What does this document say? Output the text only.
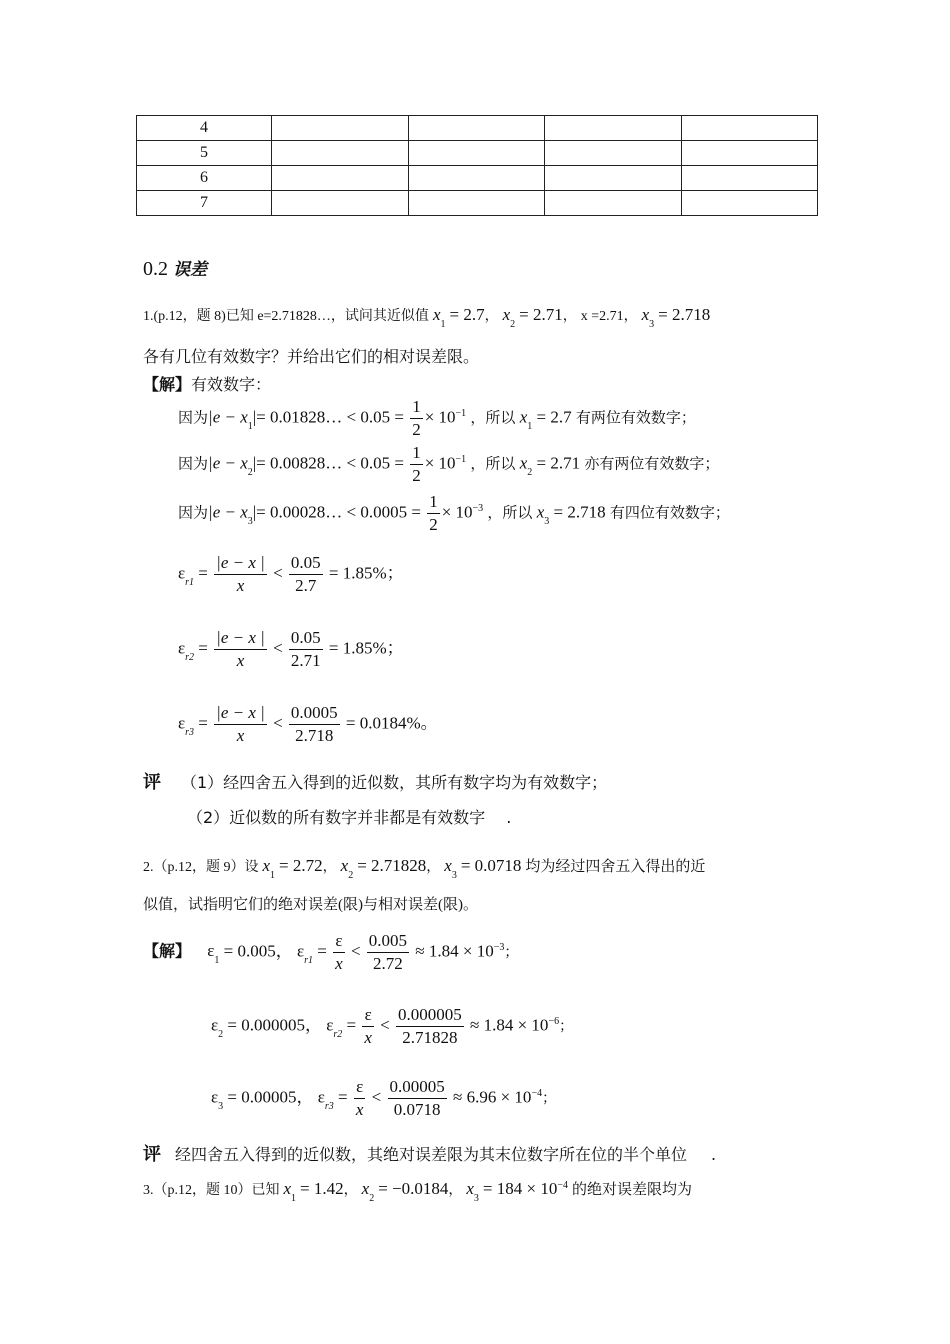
4				
5				
6				
7				
0.2 误差
1.(p.12，题 8)已知 e=2.71828…，试问其近似值 $x_1 = 2.7$， $x_2 = 2.71$， x =2.71， $x_3 = 2.718$
各有几位有效数字？并给出它们的相对误差限。
【解】有效数字：
因为$|e - x_1|=$ 0.01828… < $0.05 = \frac{1}{2} \times 10^{-1}$ ，所以 $x_1 = 2.7$ 有两位有效数字；
因为$|e - x_2|=$ 0.00828… < $0.05 = \frac{1}{2} \times 10^{-1}$ ，所以 $x_2 = 2.71$ 亦有两位有效数字；
因为$|e - x_3|=$ 0.00028… < $0.0005 = \frac{1}{2} \times 10^{-3}$ ，所以 $x_3 = 2.718$ 有四位有效数字；
$\varepsilon_{r1} = \frac{|e - x |}{x} < \frac{0.05}{2.7} = 1.85\%$；
$\varepsilon_{r2} = \frac{|e - x |}{x} < \frac{0.05}{2.71} = 1.85\%$；
$\varepsilon_{r3} = \frac{|e - x |}{x} < \frac{0.0005}{2.718} = 0.0184\%$。
评 （1）经四舍五入得到的近似数，其所有数字均为有效数字；
（2）近似数的所有数字并非都是有效数字 .
2.（p.12，题 9）设 $x_1 = 2.72$， $x_2 = 2.71828$， $x_3 = 0.0718$ 均为经过四舍五入得出的近
似值，试指明它们的绝对误差(限)与相对误差(限)。
【解】 $\varepsilon_1 = 0.005$， $\varepsilon_{r1} = \frac{\varepsilon}{x} < \frac{0.005}{2.72} \approx 1.84 \times 10^{-3}$；
$\varepsilon_2 = 0.000005$， $\varepsilon_{r2} = \frac{\varepsilon}{x} < \frac{0.000005}{2.71828} \approx 1.84 \times 10^{-6}$；
$\varepsilon_3 = 0.00005$， $\varepsilon_{r3} = \frac{\varepsilon}{x} < \frac{0.00005}{0.0718} \approx 6.96 \times 10^{-4}$；
评 经四舍五入得到的近似数，其绝对误差限为其末位数字所在位的半个单位 .
3.（p.12，题 10）已知 $x_1 = 1.42$， $x_2 = -0.0184$， $x_3 = 184 \times 10^{-4}$ 的绝对误差限均为
